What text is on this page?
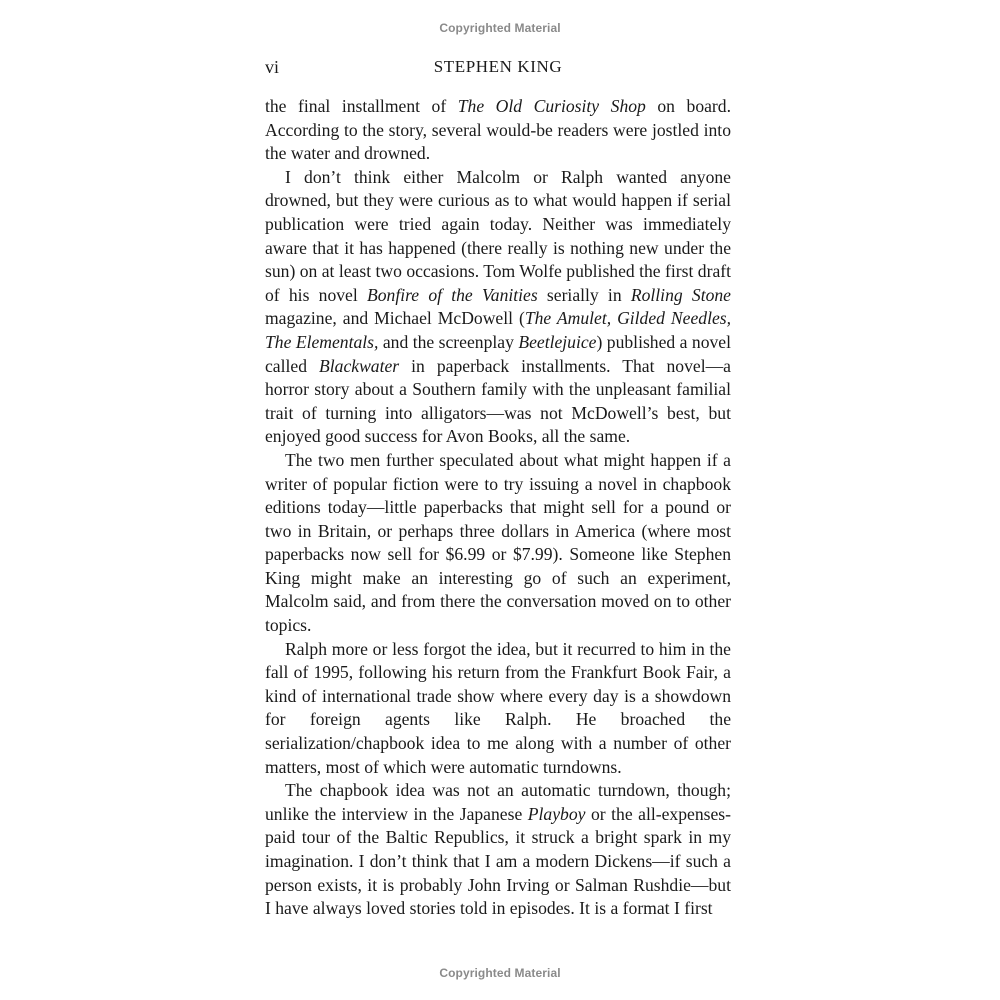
Copyrighted Material
vi	STEPHEN KING

the final installment of The Old Curiosity Shop on board. According to the story, several would-be readers were jostled into the water and drowned.

I don’t think either Malcolm or Ralph wanted anyone drowned, but they were curious as to what would happen if serial publication were tried again today. Neither was immediately aware that it has happened (there really is nothing new under the sun) on at least two occasions. Tom Wolfe published the first draft of his novel Bonfire of the Vanities serially in Rolling Stone magazine, and Michael McDowell (The Amulet, Gilded Needles, The Elementals, and the screenplay Beetlejuice) published a novel called Blackwater in paperback installments. That novel—a horror story about a Southern family with the unpleasant familial trait of turning into alligators—was not McDowell’s best, but enjoyed good success for Avon Books, all the same.

The two men further speculated about what might happen if a writer of popular fiction were to try issuing a novel in chapbook editions today—little paperbacks that might sell for a pound or two in Britain, or perhaps three dollars in America (where most paperbacks now sell for $6.99 or $7.99). Someone like Stephen King might make an interesting go of such an experiment, Malcolm said, and from there the conversation moved on to other topics.

Ralph more or less forgot the idea, but it recurred to him in the fall of 1995, following his return from the Frankfurt Book Fair, a kind of international trade show where every day is a showdown for foreign agents like Ralph. He broached the serialization/chapbook idea to me along with a number of other matters, most of which were automatic turndowns.

The chapbook idea was not an automatic turndown, though; unlike the interview in the Japanese Playboy or the all-expenses-paid tour of the Baltic Republics, it struck a bright spark in my imagination. I don’t think that I am a modern Dickens—if such a person exists, it is probably John Irving or Salman Rushdie—but I have always loved stories told in episodes. It is a format I first

Copyrighted Material
